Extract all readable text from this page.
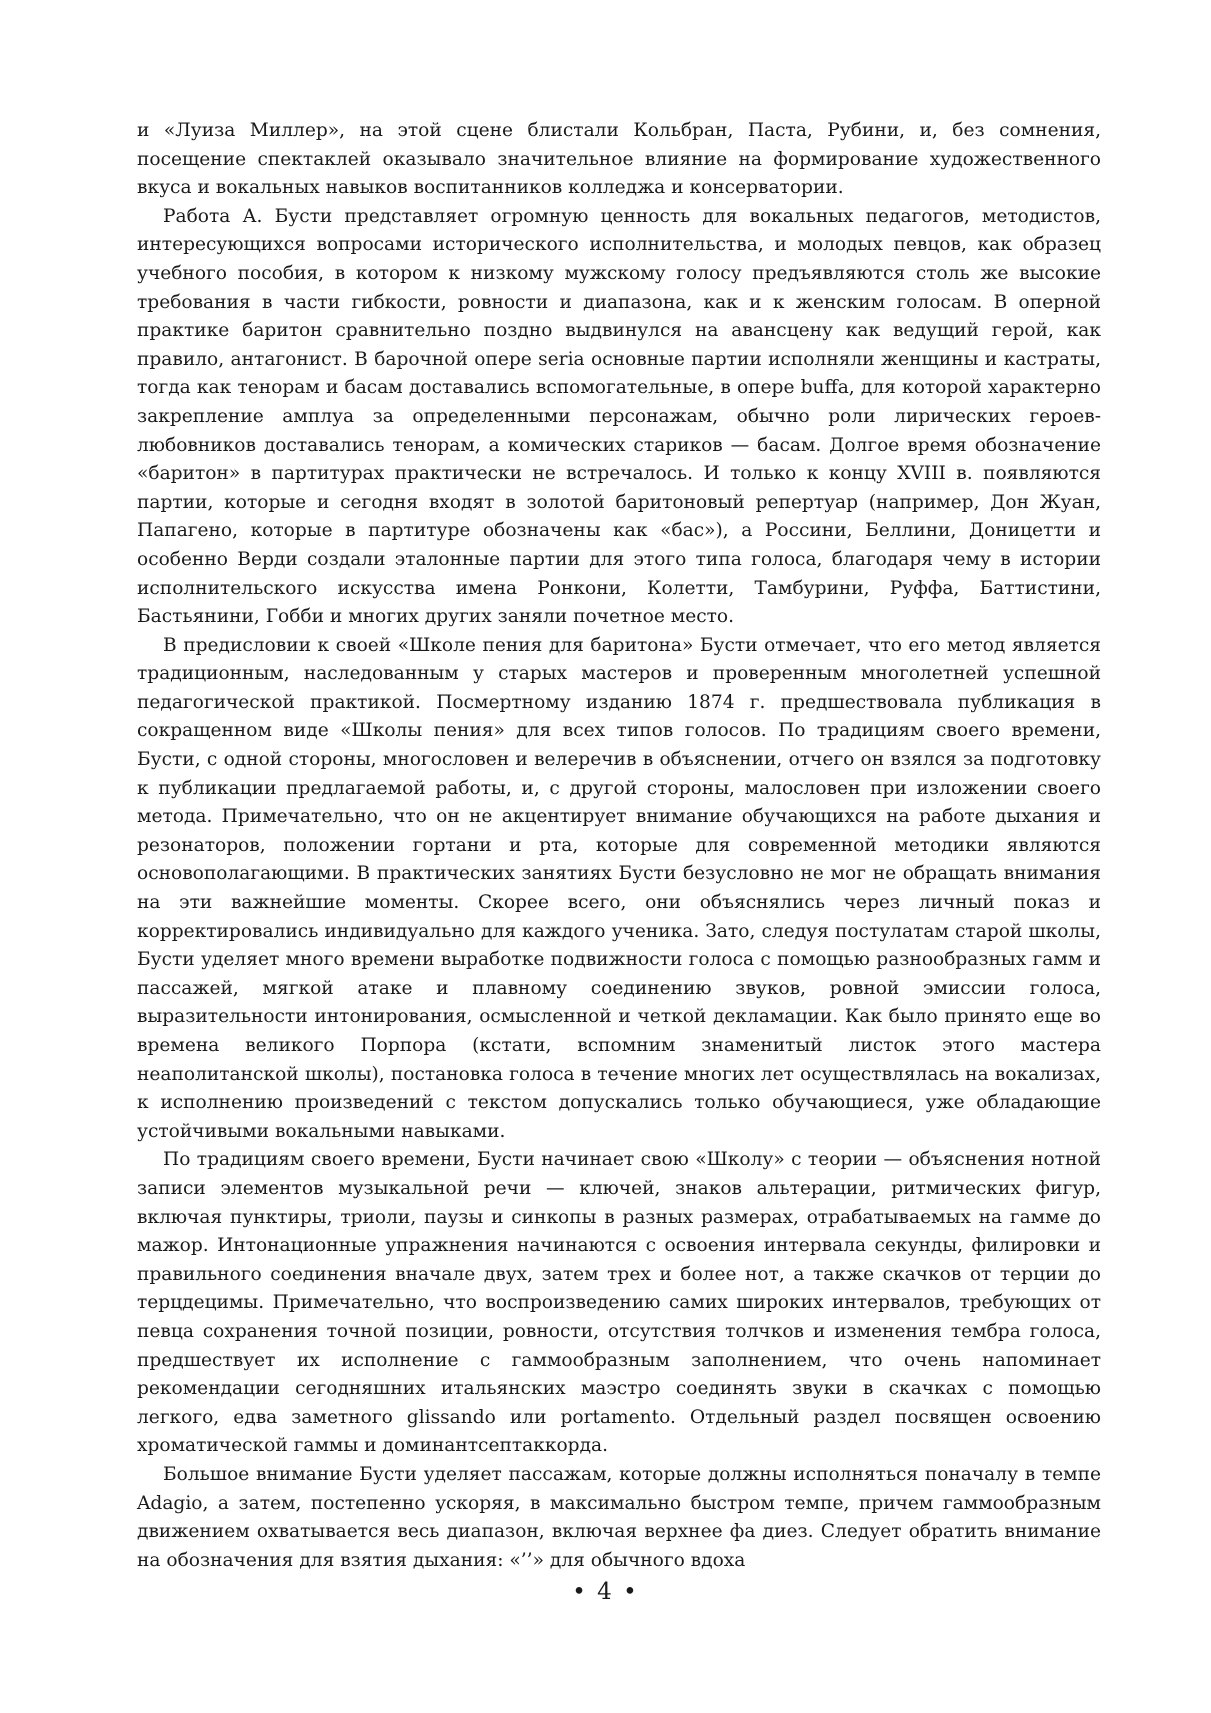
и «Луиза Миллер», на этой сцене блистали Кольбран, Паста, Рубини, и, без сомнения, посещение спектаклей оказывало значительное влияние на формирование художественного вкуса и вокальных навыков воспитанников колледжа и консерватории.

Работа А. Бусти представляет огромную ценность для вокальных педагогов, методистов, интересующихся вопросами исторического исполнительства, и молодых певцов, как образец учебного пособия, в котором к низкому мужскому голосу предъявляются столь же высокие требования в части гибкости, ровности и диапазона, как и к женским голосам. В оперной практике баритон сравнительно поздно выдвинулся на авансцену как ведущий герой, как правило, антагонист. В барочной опере seria основные партии исполняли женщины и кастраты, тогда как тенорам и басам доставались вспомогательные, в опере buffa, для которой характерно закрепление амплуа за определенными персонажам, обычно роли лирических героев-любовников доставались тенорам, а комических стариков — басам. Долгое время обозначение «баритон» в партитурах практически не встречалось. И только к концу XVIII в. появляются партии, которые и сегодня входят в золотой баритоновый репертуар (например, Дон Жуан, Папагено, которые в партитуре обозначены как «бас»), а Россини, Беллини, Доницетти и особенно Верди создали эталонные партии для этого типа голоса, благодаря чему в истории исполнительского искусства имена Ронкони, Колетти, Тамбурини, Руффа, Баттистини, Бастьянини, Гобби и многих других заняли почетное место.

В предисловии к своей «Школе пения для баритона» Бусти отмечает, что его метод является традиционным, наследованным у старых мастеров и проверенным многолетней успешной педагогической практикой. Посмертному изданию 1874 г. предшествовала публикация в сокращенном виде «Школы пения» для всех типов голосов. По традициям своего времени, Бусти, с одной стороны, многословен и велеречив в объяснении, отчего он взялся за подготовку к публикации предлагаемой работы, и, с другой стороны, малословен при изложении своего метода. Примечательно, что он не акцентирует внимание обучающихся на работе дыхания и резонаторов, положении гортани и рта, которые для современной методики являются основополагающими. В практических занятиях Бусти безусловно не мог не обращать внимания на эти важнейшие моменты. Скорее всего, они объяснялись через личный показ и корректировались индивидуально для каждого ученика. Зато, следуя постулатам старой школы, Бусти уделяет много времени выработке подвижности голоса с помощью разнообразных гамм и пассажей, мягкой атаке и плавному соединению звуков, ровной эмиссии голоса, выразительности интонирования, осмысленной и четкой декламации. Как было принято еще во времена великого Порпора (кстати, вспомним знаменитый листок этого мастера неаполитанской школы), постановка голоса в течение многих лет осуществлялась на вокализах, к исполнению произведений с текстом допускались только обучающиеся, уже обладающие устойчивыми вокальными навыками.

По традициям своего времени, Бусти начинает свою «Школу» с теории — объяснения нотной записи элементов музыкальной речи — ключей, знаков альтерации, ритмических фигур, включая пунктиры, триоли, паузы и синкопы в разных размерах, отрабатываемых на гамме до мажор. Интонационные упражнения начинаются с освоения интервала секунды, филировки и правильного соединения вначале двух, затем трех и более нот, а также скачков от терции до терцдецимы. Примечательно, что воспроизведению самих широких интервалов, требующих от певца сохранения точной позиции, ровности, отсутствия толчков и изменения тембра голоса, предшествует их исполнение с гаммообразным заполнением, что очень напоминает рекомендации сегодняшних итальянских маэстро соединять звуки в скачках с помощью легкого, едва заметного glissando или portamento. Отдельный раздел посвящен освоению хроматической гаммы и доминантсептаккорда.

Большое внимание Бусти уделяет пассажам, которые должны исполняться поначалу в темпе Adagio, а затем, постепенно ускоряя, в максимально быстром темпе, причем гаммообразным движением охватывается весь диапазон, включая верхнее фа диез. Следует обратить внимание на обозначения для взятия дыхания: «’’» для обычного вдоха

• 4 •
